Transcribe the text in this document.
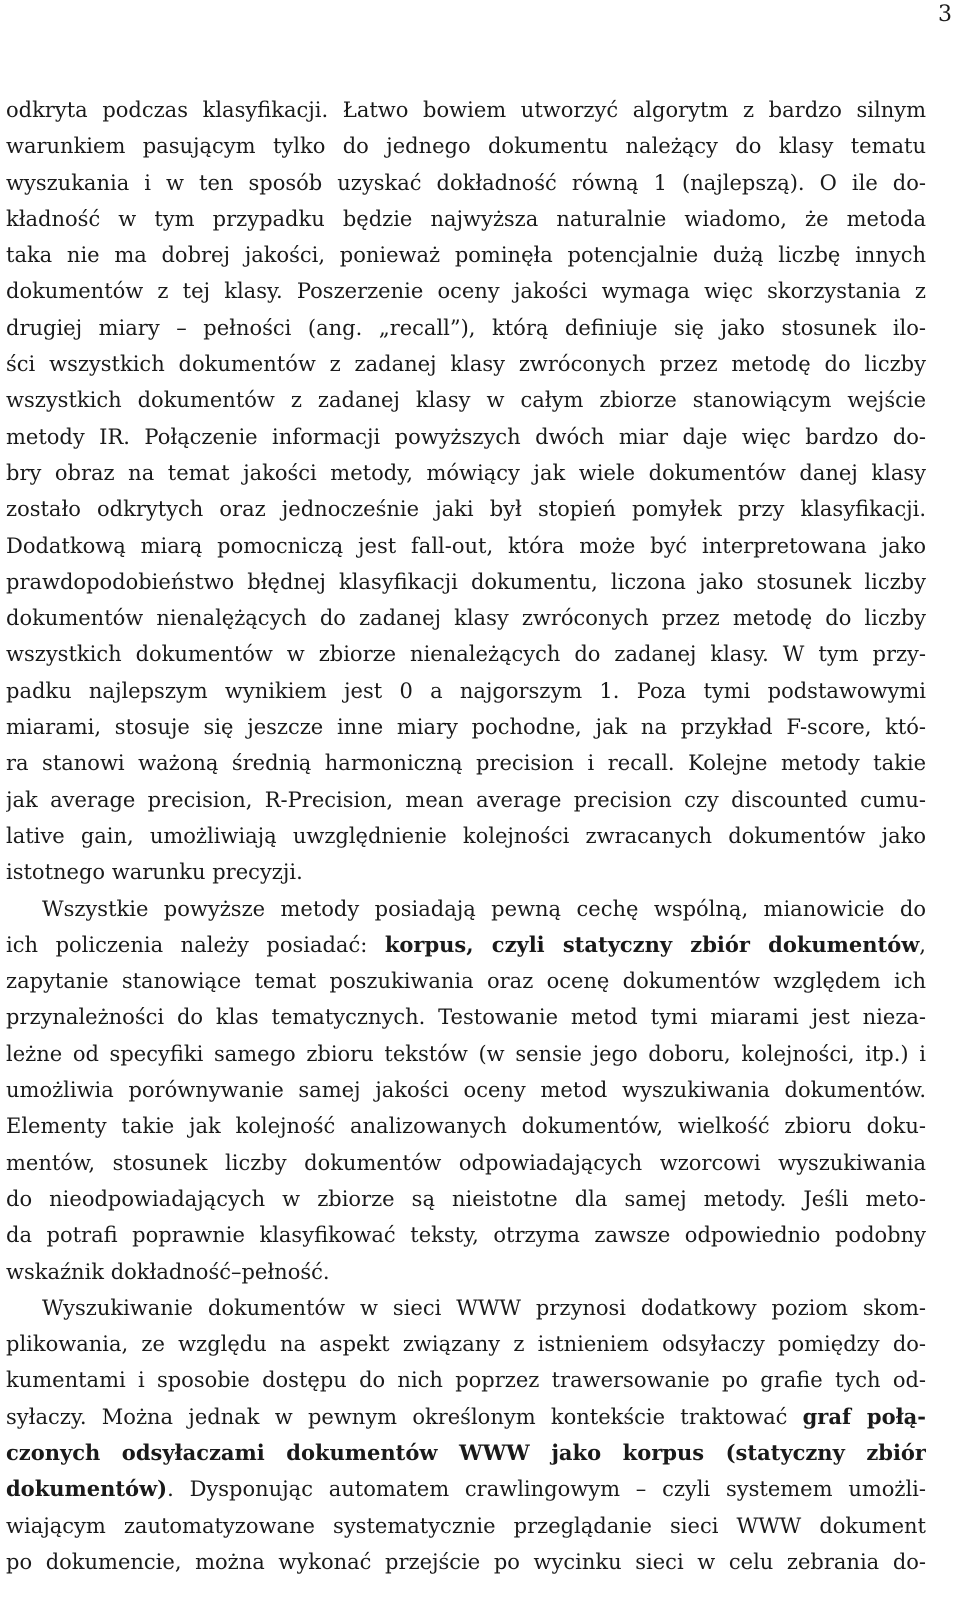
3
odkryta podczas klasyfikacji. Łatwo bowiem utworzyć algorytm z bardzo silnym
warunkiem pasującym tylko do jednego dokumentu należący do klasy tematu
wyszukania i w ten sposób uzyskać dokładność równą 1 (najlepszą). O ile do-
kładność w tym przypadku będzie najwyższa naturalnie wiadomo, że metoda
taka nie ma dobrej jakości, ponieważ pominęła potencjalnie dużą liczbę innych
dokumentów z tej klasy. Poszerzenie oceny jakości wymaga więc skorzystania z
drugiej miary – pełności (ang. „recall”), którą definiuje się jako stosunek ilo-
ści wszystkich dokumentów z zadanej klasy zwróconych przez metodę do liczby
wszystkich dokumentów z zadanej klasy w całym zbiorze stanowiącym wejście
metody IR. Połączenie informacji powyższych dwóch miar daje więc bardzo do-
bry obraz na temat jakości metody, mówiący jak wiele dokumentów danej klasy
zostało odkrytych oraz jednocześnie jaki był stopień pomyłek przy klasyfikacji.
Dodatkową miarą pomocniczą jest fall-out, która może być interpretowana jako
prawdopodobieństwo błędnej klasyfikacji dokumentu, liczona jako stosunek liczby
dokumentów nienalężących do zadanej klasy zwróconych przez metodę do liczby
wszystkich dokumentów w zbiorze nienależących do zadanej klasy. W tym przy-
padku najlepszym wynikiem jest 0 a najgorszym 1. Poza tymi podstawowymi
miarami, stosuje się jeszcze inne miary pochodne, jak na przykład F-score, któ-
ra stanowi ważoną średnią harmoniczną precision i recall. Kolejne metody takie
jak average precision, R-Precision, mean average precision czy discounted cumu-
lative gain, umożliwiają uwzględnienie kolejności zwracanych dokumentów jako
istotnego warunku precyzji.
Wszystkie powyższe metody posiadają pewną cechę wspólną, mianowicie do
ich policzenia należy posiadać: korpus, czyli statyczny zbiór dokumentów,
zapytanie stanowiące temat poszukiwania oraz ocenę dokumentów względem ich
przynależności do klas tematycznych. Testowanie metod tymi miarami jest nieza-
leżne od specyfiki samego zbioru tekstów (w sensie jego doboru, kolejności, itp.) i
umożliwia porównywanie samej jakości oceny metod wyszukiwania dokumentów.
Elementy takie jak kolejność analizowanych dokumentów, wielkość zbioru doku-
mentów, stosunek liczby dokumentów odpowiadających wzorcowi wyszukiwania
do nieodpowiadających w zbiorze są nieistotne dla samej metody. Jeśli meto-
da potrafi poprawnie klasyfikować teksty, otrzyma zawsze odpowiednio podobny
wskaźnik dokładność–pełność.
Wyszukiwanie dokumentów w sieci WWW przynosi dodatkowy poziom skom-
plikowania, ze względu na aspekt związany z istnieniem odsyłaczy pomiędzy do-
kumentami i sposobie dostępu do nich poprzez trawersowanie po grafie tych od-
syłaczy. Można jednak w pewnym określonym kontekście traktować graf połą-
czonych odsyłaczami dokumentów WWW jako korpus (statyczny zbiór
dokumentów). Dysponując automatem crawlingowym – czyli systemem umożli-
wiającym zautomatyzowane systematycznie przeglądanie sieci WWW dokument
po dokumencie, można wykonać przejście po wycinku sieci w celu zebrania do-
